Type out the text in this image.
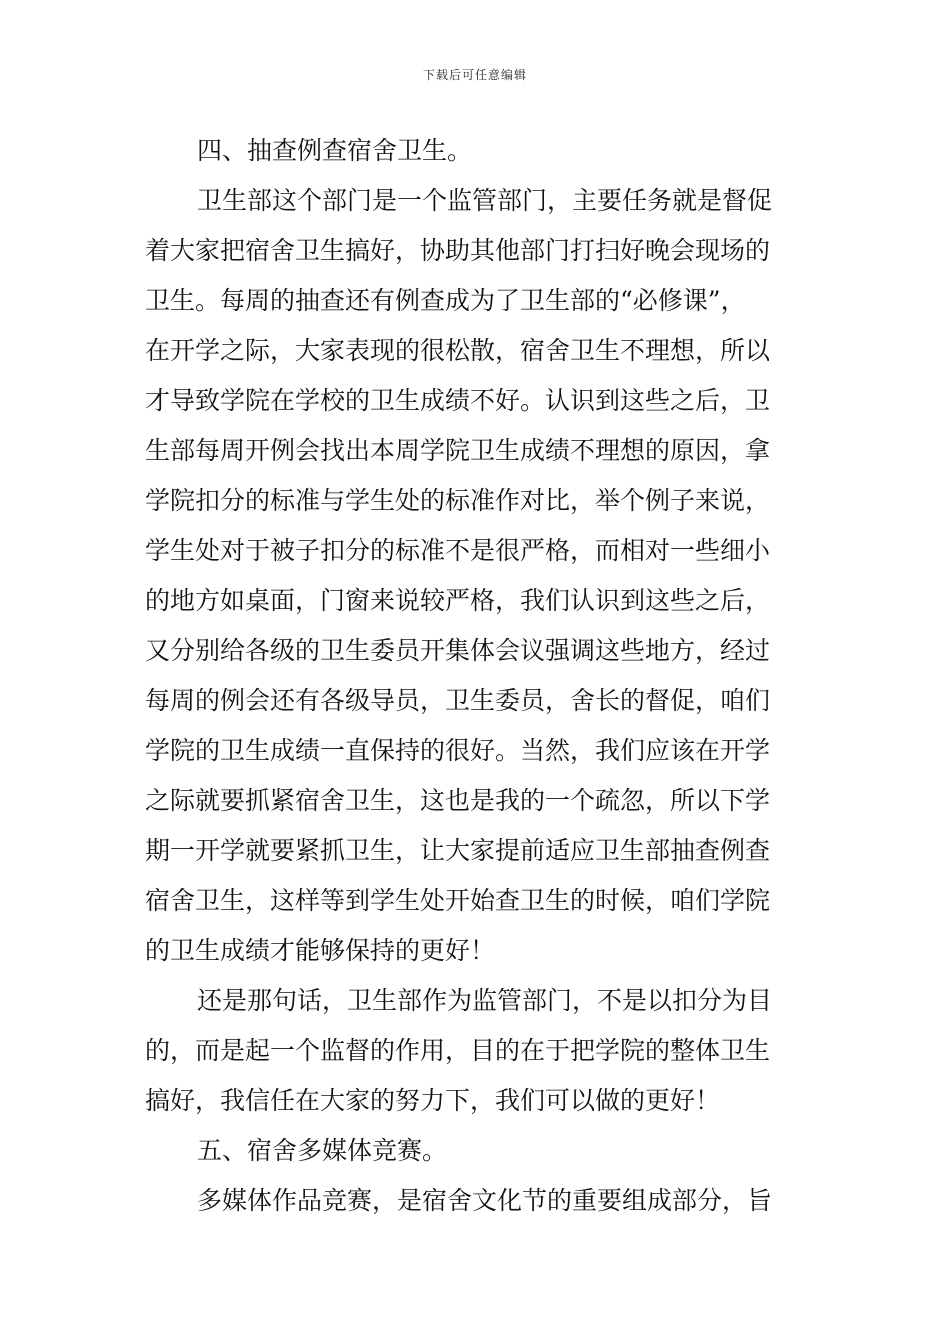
下载后可任意编辑
四、抽查例查宿舍卫生。
卫生部这个部门是一个监管部门，主要任务就是督促
着大家把宿舍卫生搞好，协助其他部门打扫好晚会现场的
卫生。每周的抽查还有例查成为了卫生部的“必修课”，
在开学之际，大家表现的很松散，宿舍卫生不理想，所以
才导致学院在学校的卫生成绩不好。认识到这些之后，卫
生部每周开例会找出本周学院卫生成绩不理想的原因，拿
学院扣分的标准与学生处的标准作对比，举个例子来说，
学生处对于被子扣分的标准不是很严格，而相对一些细小
的地方如桌面，门窗来说较严格，我们认识到这些之后，
又分别给各级的卫生委员开集体会议强调这些地方，经过
每周的例会还有各级导员，卫生委员，舍长的督促，咱们
学院的卫生成绩一直保持的很好。当然，我们应该在开学
之际就要抓紧宿舍卫生，这也是我的一个疏忽，所以下学
期一开学就要紧抓卫生，让大家提前适应卫生部抽查例查
宿舍卫生，这样等到学生处开始查卫生的时候，咱们学院
的卫生成绩才能够保持的更好！
还是那句话，卫生部作为监管部门，不是以扣分为目
的，而是起一个监督的作用，目的在于把学院的整体卫生
搞好，我信任在大家的努力下，我们可以做的更好！
五、宿舍多媒体竞赛。
多媒体作品竞赛，是宿舍文化节的重要组成部分，旨
